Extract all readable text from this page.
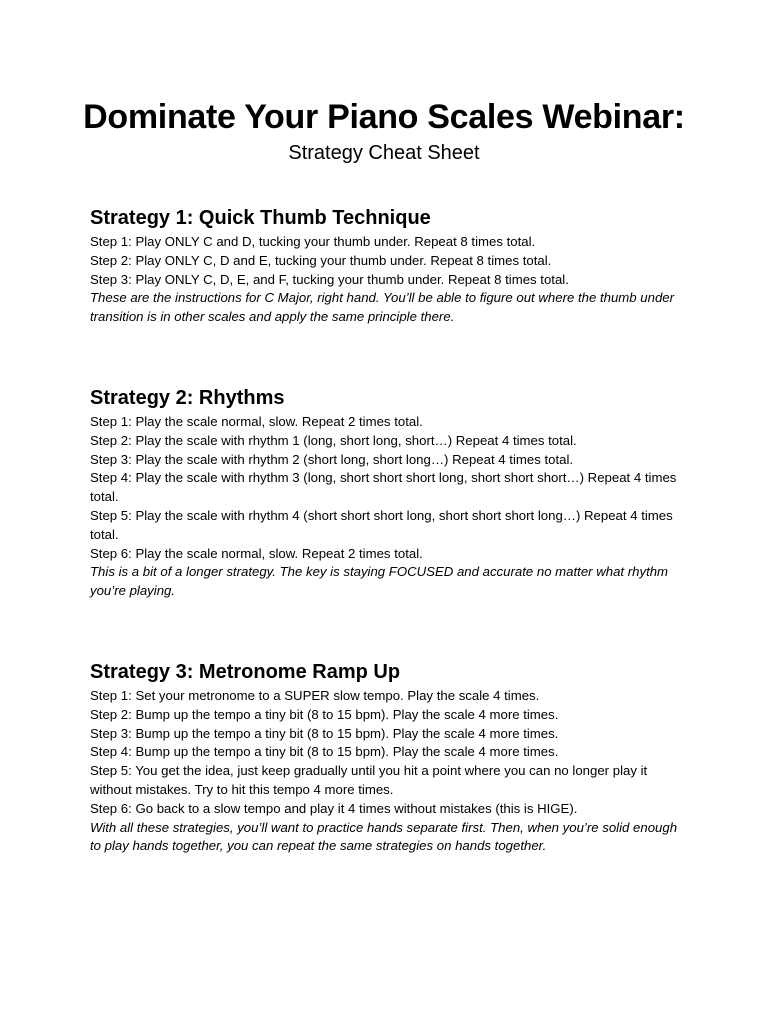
Dominate Your Piano Scales Webinar:
Strategy Cheat Sheet
Strategy 1: Quick Thumb Technique

Step 1: Play ONLY C and D, tucking your thumb under. Repeat 8 times total.

Step 2: Play ONLY C, D and E, tucking your thumb under. Repeat 8 times total.

Step 3: Play ONLY C, D, E, and F, tucking your thumb under. Repeat 8 times total.

These are the instructions for C Major, right hand. You’ll be able to figure out where the thumb under transition is in other scales and apply the same principle there.

Strategy 2: Rhythms

Step 1: Play the scale normal, slow. Repeat 2 times total.

Step 2: Play the scale with rhythm 1 (long, short long, short…) Repeat 4 times total.

Step 3: Play the scale with rhythm 2 (short long, short long…) Repeat 4 times total.

Step 4: Play the scale with rhythm 3 (long, short short short long, short short short…) Repeat 4 times total.

Step 5: Play the scale with rhythm 4 (short short short long, short short short long…) Repeat 4 times total.

Step 6: Play the scale normal, slow. Repeat 2 times total.

This is a bit of a longer strategy. The key is staying FOCUSED and accurate no matter what rhythm you’re playing.

Strategy 3: Metronome Ramp Up

Step 1: Set your metronome to a SUPER slow tempo. Play the scale 4 times.

Step 2: Bump up the tempo a tiny bit (8 to 15 bpm). Play the scale 4 more times.

Step 3: Bump up the tempo a tiny bit (8 to 15 bpm). Play the scale 4 more times.

Step 4: Bump up the tempo a tiny bit (8 to 15 bpm). Play the scale 4 more times.

Step 5: You get the idea, just keep gradually until you hit a point where you can no longer play it without mistakes. Try to hit this tempo 4 more times.

Step 6: Go back to a slow tempo and play it 4 times without mistakes (this is HIGE).

With all these strategies, you’ll want to practice hands separate first. Then, when you’re solid enough to play hands together, you can repeat the same strategies on hands together.
